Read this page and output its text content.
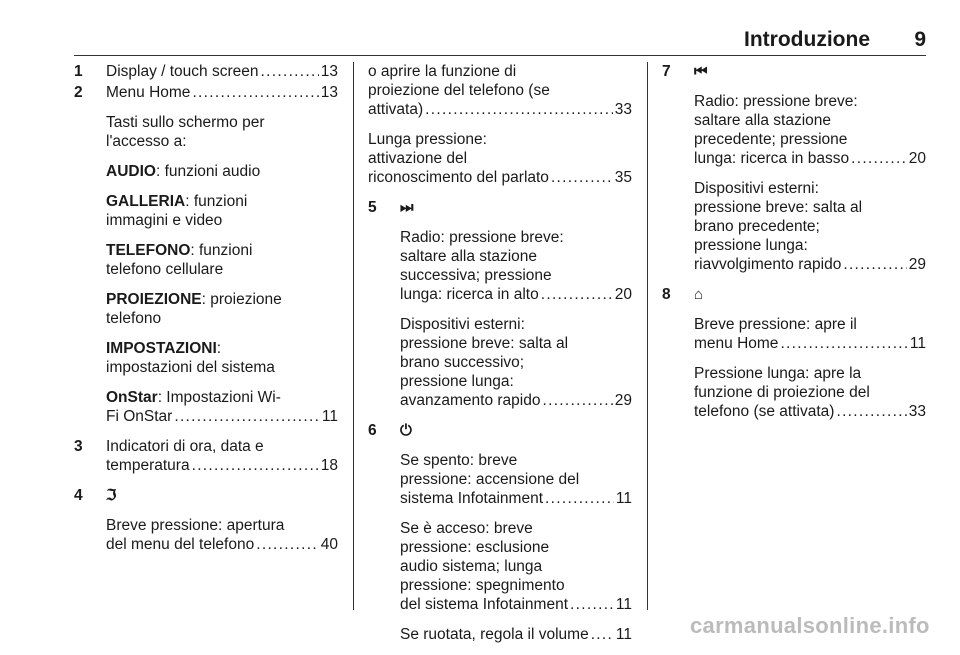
Introduzione 9
1 Display / touch screen . . .	13
2 Menu Home . . .	13
Tasti sullo schermo per
l'accesso a:
AUDIO: funzioni audio
GALLERIA: funzioni
immagini e video
TELEFONO: funzioni
telefono cellulare
PROIEZIONE: proiezione
telefono
IMPOSTAZIONI:
impostazioni del sistema
OnStar: Impostazioni Wi-
Fi OnStar . . .	11
3 Indicatori di ora, data e
temperatura . . .	18
4 ℑ
Breve pressione: apertura
del menu del telefono . . .	40
o aprire la funzione di
proiezione del telefono (se
attivata) . . .	33
Lunga pressione:
attivazione del
riconoscimento del parlato . . .	35
5 ⏭
Radio: pressione breve:
saltare alla stazione
successiva; pressione
lunga: ricerca in alto . . .	20
Dispositivi esterni:
pressione breve: salta al
brano successivo;
pressione lunga:
avanzamento rapido . . .	29
6 ⏻
Se spento: breve
pressione: accensione del
sistema Infotainment . . .	11
Se è acceso: breve
pressione: esclusione
audio sistema; lunga
pressione: spegnimento
del sistema Infotainment . . .	11
Se ruotata, regola il volume . . . 11
7 ⏮
Radio: pressione breve:
saltare alla stazione
precedente; pressione
lunga: ricerca in basso . . .	20
Dispositivi esterni:
pressione breve: salta al
brano precedente;
pressione lunga:
riavvolgimento rapido . . .	29
8 ⌂
Breve pressione: apre il
menu Home . . .	11
Pressione lunga: apre la
funzione di proiezione del
telefono (se attivata) . . .	33
carmanualsonline.info
